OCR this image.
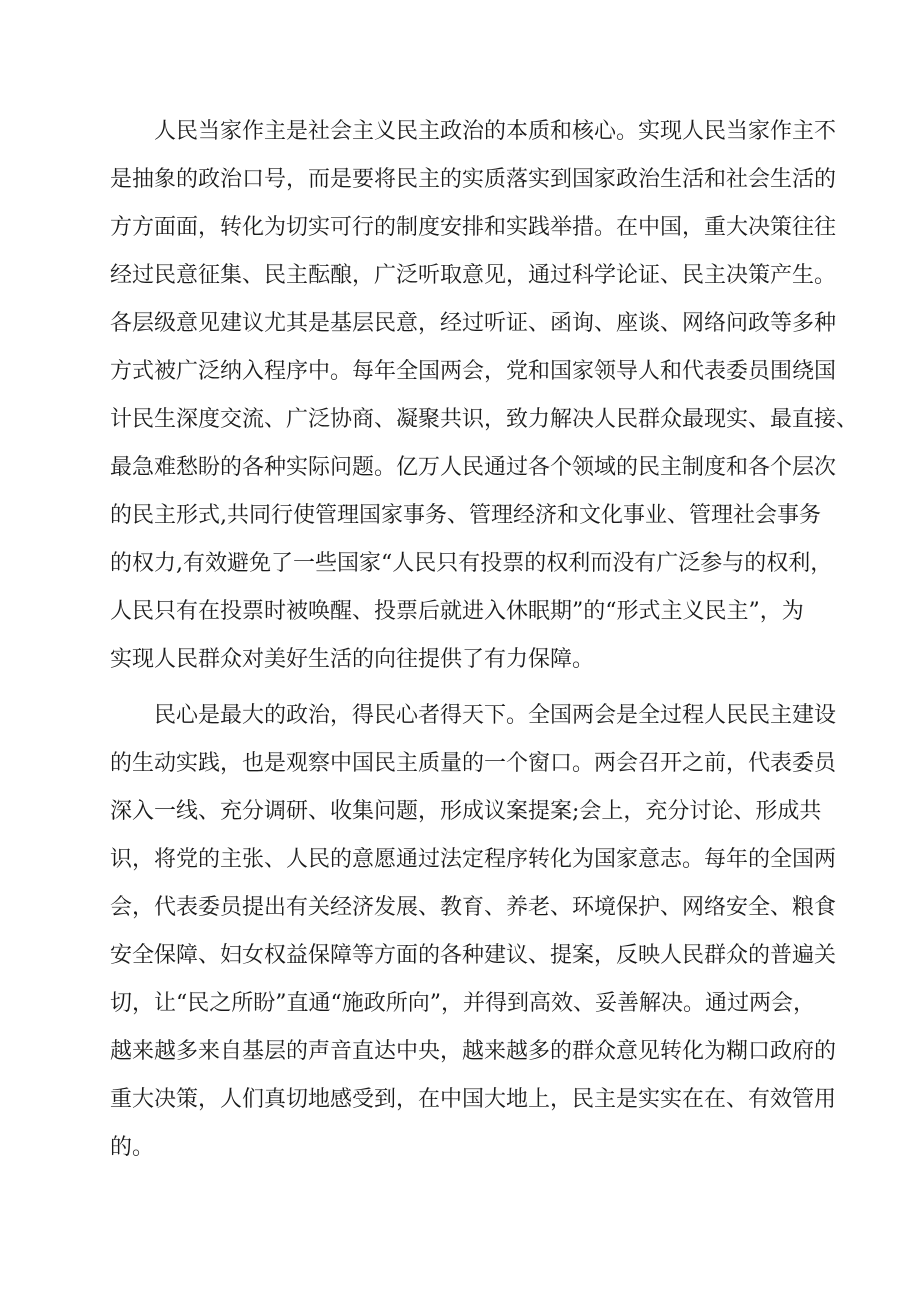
人民当家作主是社会主义民主政治的本质和核心。实现人民当家作主不
是抽象的政治口号，而是要将民主的实质落实到国家政治生活和社会生活的
方方面面，转化为切实可行的制度安排和实践举措。在中国，重大决策往往
经过民意征集、民主酝酿，广泛听取意见，通过科学论证、民主决策产生。
各层级意见建议尤其是基层民意，经过听证、函询、座谈、网络问政等多种
方式被广泛纳入程序中。每年全国两会，党和国家领导人和代表委员围绕国
计民生深度交流、广泛协商、凝聚共识，致力解决人民群众最现实、最直接、
最急难愁盼的各种实际问题。亿万人民通过各个领域的民主制度和各个层次
的民主形式,共同行使管理国家事务、管理经济和文化事业、管理社会事务
的权力,有效避免了一些国家“人民只有投票的权利而没有广泛参与的权利，
人民只有在投票时被唤醒、投票后就进入休眠期”的“形式主义民主”，为
实现人民群众对美好生活的向往提供了有力保障。
民心是最大的政治，得民心者得天下。全国两会是全过程人民民主建设
的生动实践，也是观察中国民主质量的一个窗口。两会召开之前，代表委员
深入一线、充分调研、收集问题，形成议案提案;会上，充分讨论、形成共
识，将党的主张、人民的意愿通过法定程序转化为国家意志。每年的全国两
会，代表委员提出有关经济发展、教育、养老、环境保护、网络安全、粮食
安全保障、妇女权益保障等方面的各种建议、提案，反映人民群众的普遍关
切，让“民之所盼”直通“施政所向”，并得到高效、妥善解决。通过两会，
越来越多来自基层的声音直达中央，越来越多的群众意见转化为糊口政府的
重大决策，人们真切地感受到，在中国大地上，民主是实实在在、有效管用
的。
